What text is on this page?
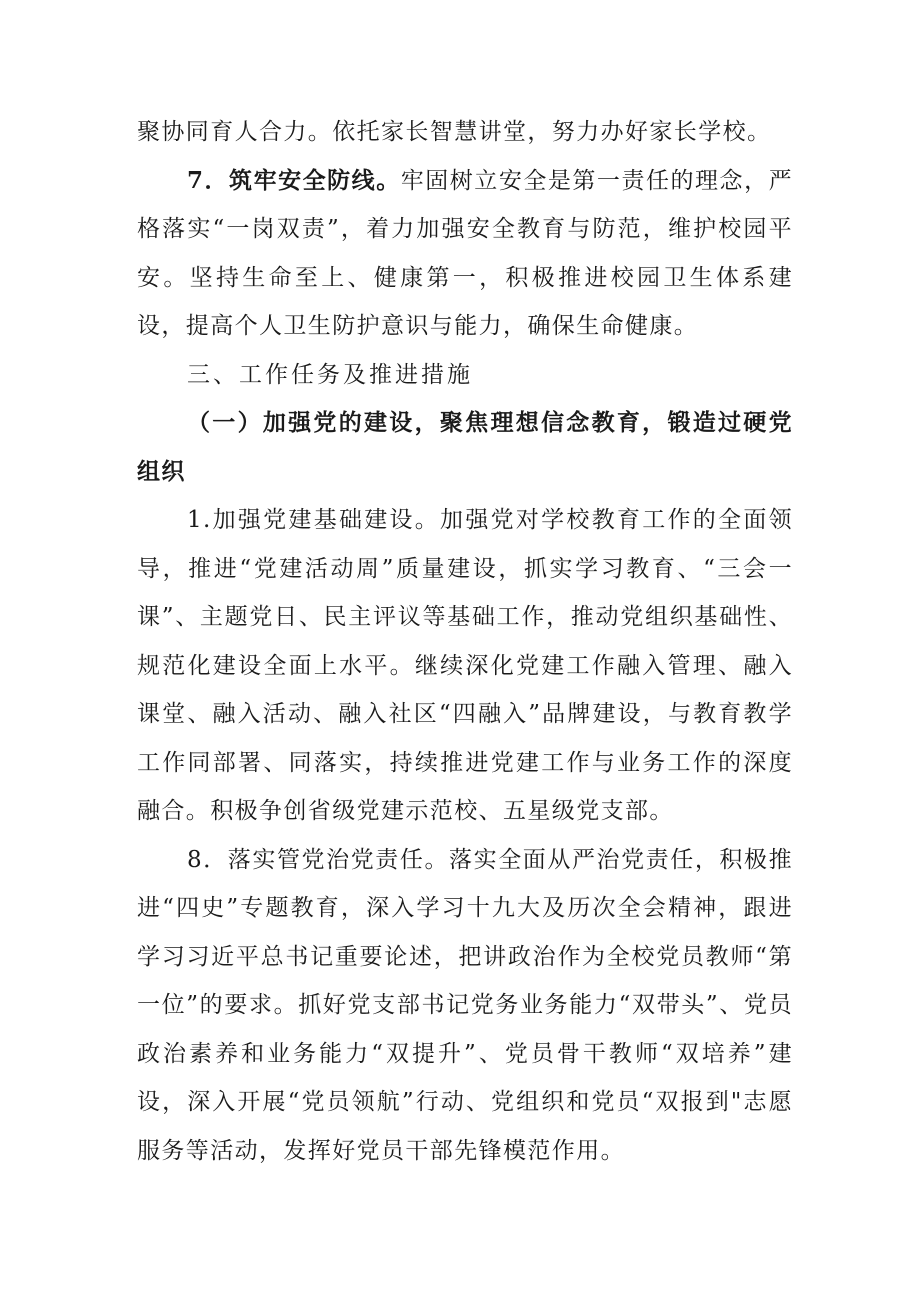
聚协同育人合力。依托家长智慧讲堂，努力办好家长学校。

7．筑牢安全防线。牢固树立安全是第一责任的理念，严格落实“一岗双责”，着力加强安全教育与防范，维护校园平安。坚持生命至上、健康第一，积极推进校园卫生体系建设，提高个人卫生防护意识与能力，确保生命健康。

三、工作任务及推进措施

（一）加强党的建设，聚焦理想信念教育，锻造过硬党组织

1.加强党建基础建设。加强党对学校教育工作的全面领导，推进“党建活动周”质量建设，抓实学习教育、“三会一课”、主题党日、民主评议等基础工作，推动党组织基础性、规范化建设全面上水平。继续深化党建工作融入管理、融入课堂、融入活动、融入社区“四融入”品牌建设，与教育教学工作同部署、同落实，持续推进党建工作与业务工作的深度融合。积极争创省级党建示范校、五星级党支部。

8．落实管党治党责任。落实全面从严治党责任，积极推进“四史”专题教育，深入学习十九大及历次全会精神，跟进学习习近平总书记重要论述，把讲政治作为全校党员教师“第一位”的要求。抓好党支部书记党务业务能力“双带头”、党员政治素养和业务能力“双提升”、党员骨干教师“双培养”建设，深入开展“党员领航”行动、党组织和党员“双报到"志愿服务等活动，发挥好党员干部先锋模范作用。
